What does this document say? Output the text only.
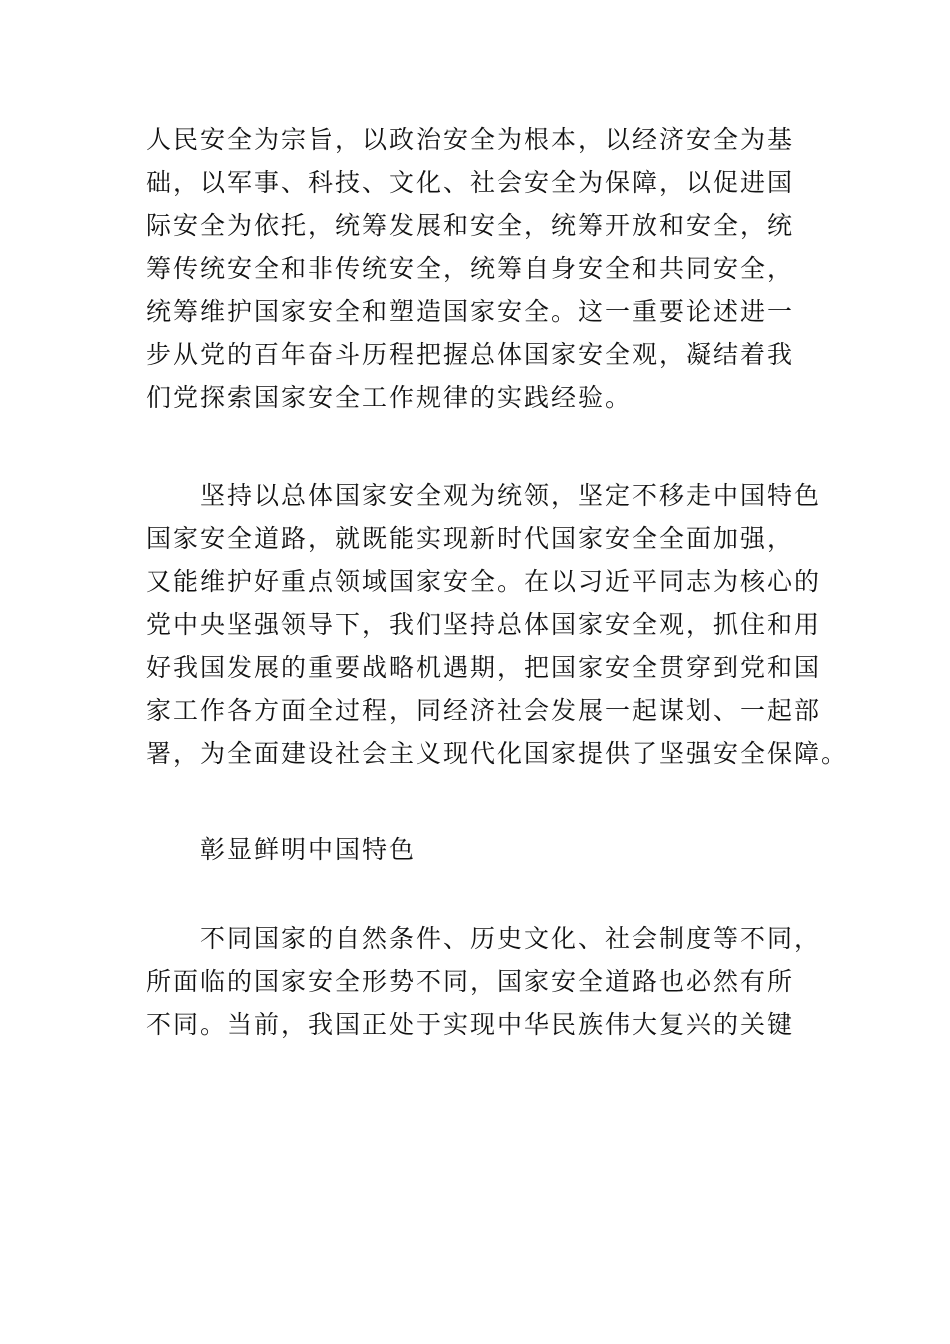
人民安全为宗旨，以政治安全为根本，以经济安全为基
础，以军事、科技、文化、社会安全为保障，以促进国
际安全为依托，统筹发展和安全，统筹开放和安全，统
筹传统安全和非传统安全，统筹自身安全和共同安全，
统筹维护国家安全和塑造国家安全。这一重要论述进一
步从党的百年奋斗历程把握总体国家安全观，凝结着我
们党探索国家安全工作规律的实践经验。
坚持以总体国家安全观为统领，坚定不移走中国特色
国家安全道路，就既能实现新时代国家安全全面加强，
又能维护好重点领域国家安全。在以习近平同志为核心的
党中央坚强领导下，我们坚持总体国家安全观，抓住和用
好我国发展的重要战略机遇期，把国家安全贯穿到党和国
家工作各方面全过程，同经济社会发展一起谋划、一起部
署，为全面建设社会主义现代化国家提供了坚强安全保障。
彰显鲜明中国特色
不同国家的自然条件、历史文化、社会制度等不同，
所面临的国家安全形势不同，国家安全道路也必然有所
不同。当前，我国正处于实现中华民族伟大复兴的关键
